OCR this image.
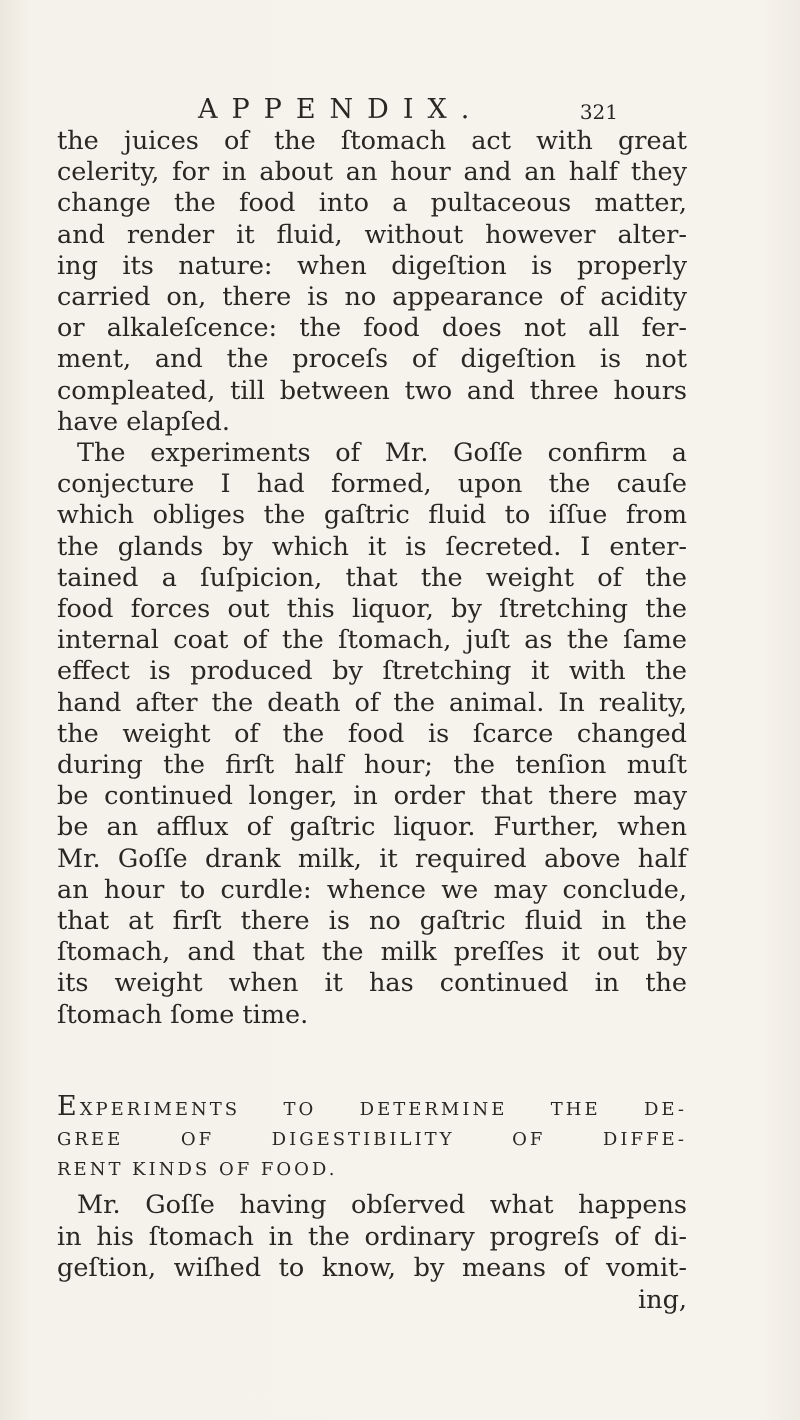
APPENDIX.	321
the juices of the ſtomach act with great
celerity, for in about an hour and an half they
change the food into a pultaceous matter,
and render it fluid, without however alter-
ing its nature: when digeſtion is properly
carried on, there is no appearance of acidity
or alkaleſcence: the food does not all fer-
ment, and the proceſs of digeſtion is not
compleated, till between two and three hours
have elapſed.
The experiments of Mr. Goſſe confirm a
conjecture I had formed, upon the cauſe
which obliges the gaſtric fluid to iſſue from
the glands by which it is ſecreted. I enter-
tained a ſuſpicion, that the weight of the
food forces out this liquor, by ſtretching the
internal coat of the ſtomach, juſt as the ſame
effect is produced by ſtretching it with the
hand after the death of the animal. In reality,
the weight of the food is ſcarce changed
during the firſt half hour; the tenſion muſt
be continued longer, in order that there may
be an afflux of gaſtric liquor. Further, when
Mr. Goſſe drank milk, it required above half
an hour to curdle: whence we may conclude,
that at firſt there is no gaſtric fluid in the
ſtomach, and that the milk preſſes it out by
its weight when it has continued in the
ſtomach ſome time.
EXPERIMENTS TO DETERMINE THE DE-
GREE OF DIGESTIBILITY OF DIFFE-
RENT KINDS OF FOOD.
Mr. Goſſe having obſerved what happens
in his ſtomach in the ordinary progreſs of di-
geſtion, wiſhed to know, by means of vomit-
ing,
